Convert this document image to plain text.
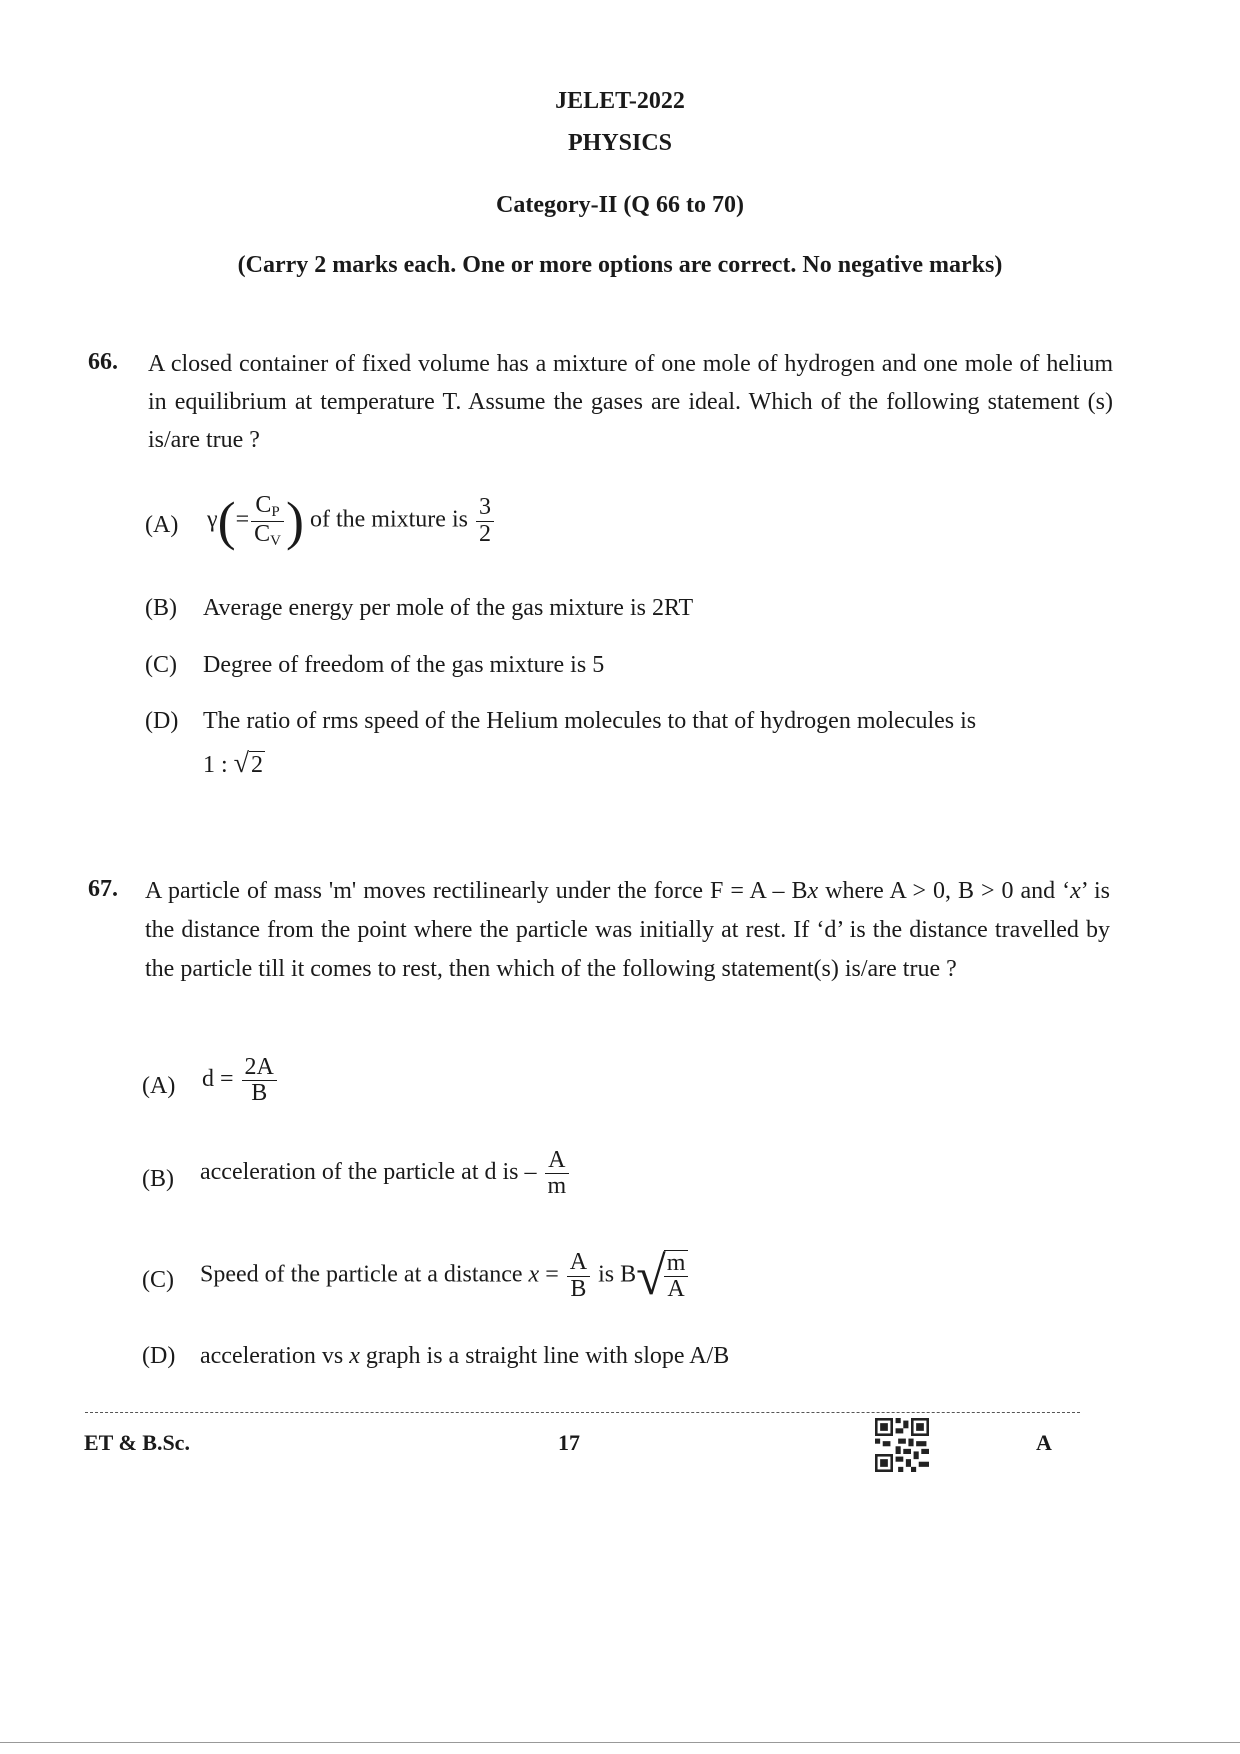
JELET-2022
PHYSICS
Category-II (Q 66 to 70)
(Carry 2 marks each. One or more options are correct. No negative marks)
66. A closed container of fixed volume has a mixture of one mole of hydrogen and one mole of helium in equilibrium at temperature T. Assume the gases are ideal. Which of the following statement (s) is/are true ?
(A) $\gamma(= \frac{C_P}{C_V}$ ) of the mixture is $\frac{3}{2}$
(B) Average energy per mole of the gas mixture is 2RT
(C) Degree of freedom of the gas mixture is 5
(D) The ratio of rms speed of the Helium molecules to that of hydrogen molecules is
1 : √2
67. A particle of mass 'm' moves rectilinearly under the force F = A – Bx where A > 0, B > 0 and ‘x’ is the distance from the point where the particle was initially at rest. If ‘d’ is the distance travelled by the particle till it comes to rest, then which of the following statement(s) is/are true ?
(A) $d = \frac{2A}{B}$
(B) acceleration of the particle at d is – $\frac{A}{m}$
(C) Speed of the particle at a distance $x = \frac{A}{B}$ is B√
$\frac{m}{A}$
(D) acceleration vs x graph is a straight line with slope A/B
ET & B.Sc.	17	A
